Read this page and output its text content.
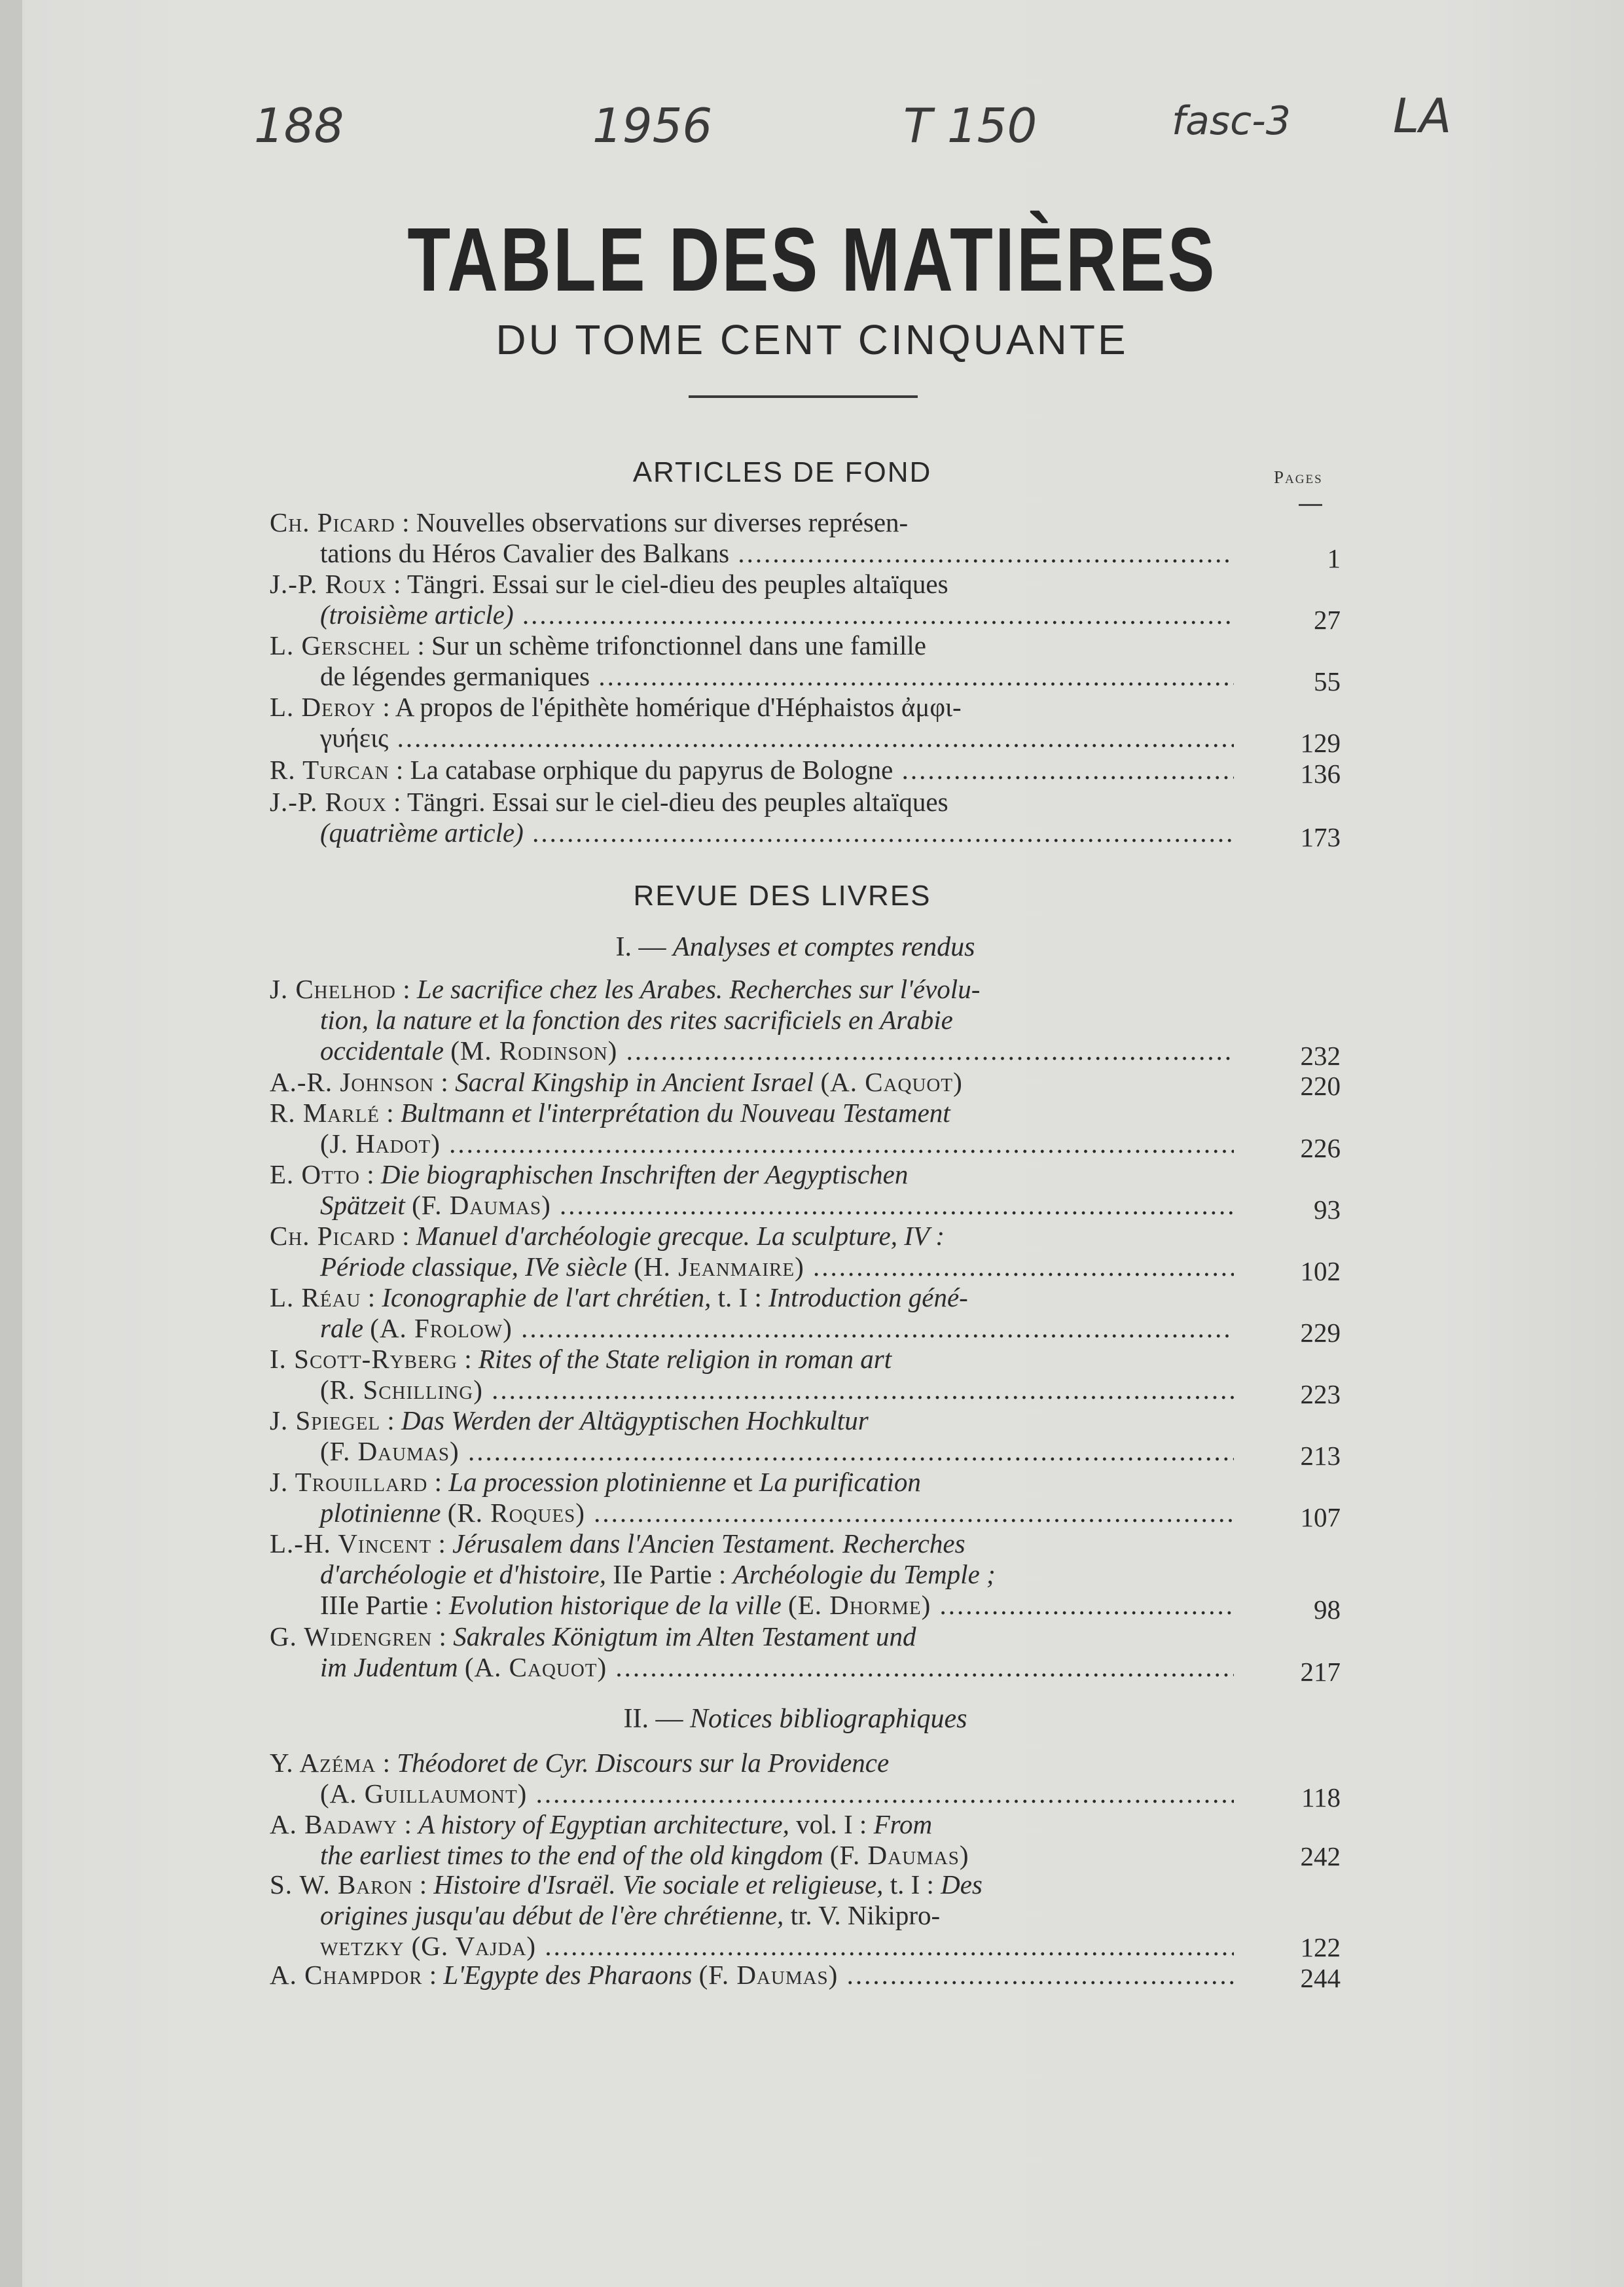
188	1956	T 150	fasc-3 LA
TABLE DES MATIÈRES
DU TOME CENT CINQUANTE
Pages
ARTICLES DE FOND
Ch. Picard : Nouvelles observations sur diverses représen-
tations du Héros Cavalier des Balkans .....	1
J.-P. Roux : Tängri. Essai sur le ciel-dieu des peuples altaïques
(troisième article) .....	27
L. Gerschel : Sur un schème trifonctionnel dans une famille
de légendes germaniques .....	55
L. Deroy : A propos de l'épithète homérique d'Héphaistos ἀμφι-
γυήεις .....	129
R. Turcan : La catabase orphique du papyrus de Bologne .....	136
J.-P. Roux : Tängri. Essai sur le ciel-dieu des peuples altaïques
(quatrième article) .....	173
REVUE DES LIVRES
I. — Analyses et comptes rendus
J. Chelhod : Le sacrifice chez les Arabes. Recherches sur l'évolu-
tion, la nature et la fonction des rites sacrificiels en Arabie
occidentale (M. Rodinson) .....	232
A.-R. Johnson : Sacral Kingship in Ancient Israel (A. Caquot)	220
R. Marlé : Bultmann et l'interprétation du Nouveau Testament
(J. Hadot) .....	226
E. Otto : Die biographischen Inschriften der Aegyptischen
Spätzeit (F. Daumas) .....	93
Ch. Picard : Manuel d'archéologie grecque. La sculpture, IV :
Période classique, IVe siècle (H. Jeanmaire) .....	102
L. Réau : Iconographie de l'art chrétien, t. I : Introduction géné-
rale (A. Frolow) .....	229
I. Scott-Ryberg : Rites of the State religion in roman art
(R. Schilling) .....	223
J. Spiegel : Das Werden der Altägyptischen Hochkultur
(F. Daumas) .....	213
J. Trouillard : La procession plotinienne et La purification
plotinienne (R. Roques) .....	107
L.-H. Vincent : Jérusalem dans l'Ancien Testament. Recherches
d'archéologie et d'histoire, IIe Partie : Archéologie du Temple ;
IIIe Partie : Evolution historique de la ville (E. Dhorme) .....	98
G. Widengren : Sakrales Königtum im Alten Testament und
im Judentum (A. Caquot) .....	217
II. — Notices bibliographiques
Y. Azéma : Théodoret de Cyr. Discours sur la Providence
(A. Guillaumont) .....	118
A. Badawy : A history of Egyptian architecture, vol. I : From
the earliest times to the end of the old kingdom (F. Daumas)	242
S. W. Baron : Histoire d'Israël. Vie sociale et religieuse, t. I : Des
origines jusqu'au début de l'ère chrétienne, tr. V. Nikipro-
wetzky (G. Vajda) .....	122
A. Champdor : L'Egypte des Pharaons (F. Daumas) .....	244
